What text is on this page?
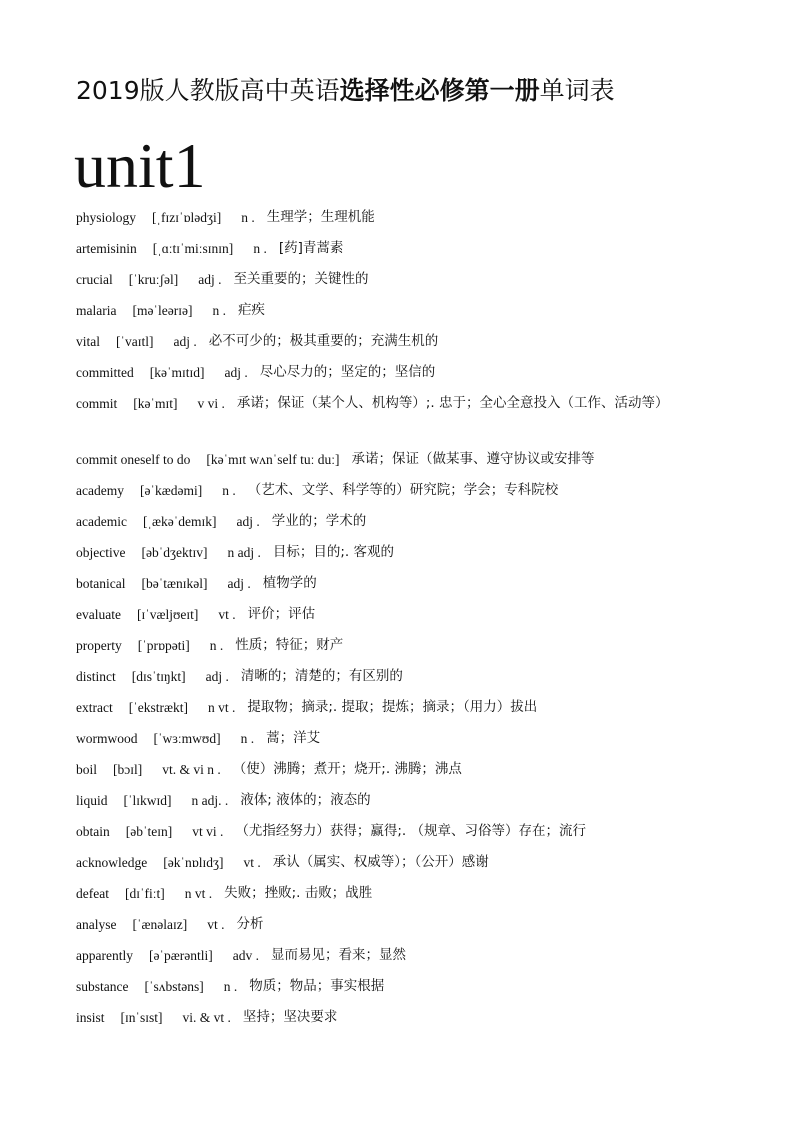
2019版人教版高中英语选择性必修第一册单词表
unit1
physiology [ˌfɪzɪˈɒlədʒi] n . 生理学；生理机能
artemisinin [ˌɑːtɪˈmiːsɪnɪn] n . [药]青蒿素
crucial [ˈkruːʃəl] adj . 至关重要的；关键性的
malaria [məˈleərɪə] n . 疟疾
vital [ˈvaɪtl] adj . 必不可少的；极其重要的；充满生机的
committed [kəˈmɪtɪd] adj . 尽心尽力的；坚定的；坚信的
commit [kəˈmɪt] v vi . 承诺；保证（某个人、机构等）;. 忠于；全心全意投入（工作、活动等）
commit oneself to do [kəˈmɪt wʌnˈself tuː duː] 承诺；保证（做某事、遵守协议或安排等
academy [əˈkædəmi] n . （艺术、文学、科学等的）研究院；学会；专科院校
academic [ˌækəˈdemɪk] adj . 学业的；学术的
objective [əbˈdʒektɪv] n adj . 目标；目的;. 客观的
botanical [bəˈtænɪkəl] adj . 植物学的
evaluate [ɪˈvæljʊeɪt] vt . 评价；评估
property [ˈprɒpəti] n . 性质；特征；财产
distinct [dɪsˈtɪŋkt] adj . 清晰的；清楚的；有区别的
extract [ˈekstrækt] n vt . 提取物；摘录;. 提取；提炼；摘录；（用力）拔出
wormwood [ˈwɜːmwʊd] n . 蒿；洋艾
boil [bɔɪl] vt. & vi n . （使）沸腾；煮开；烧开;. 沸腾；沸点
liquid [ˈlɪkwɪd] n adj. . 液体; 液体的；液态的
obtain [əbˈteɪn] vt vi . （尤指经努力）获得；赢得;. （规章、习俗等）存在；流行
acknowledge [əkˈnɒlɪdʒ] vt . 承认（属实、权威等）；（公开）感谢
defeat [dɪˈfiːt] n vt . 失败；挫败;. 击败；战胜
analyse [ˈænəlaɪz] vt . 分析
apparently [əˈpærəntli] adv . 显而易见；看来；显然
substance [ˈsʌbstəns] n . 物质；物品；事实根据
insist [ɪnˈsɪst] vi. & vt . 坚持；坚决要求
